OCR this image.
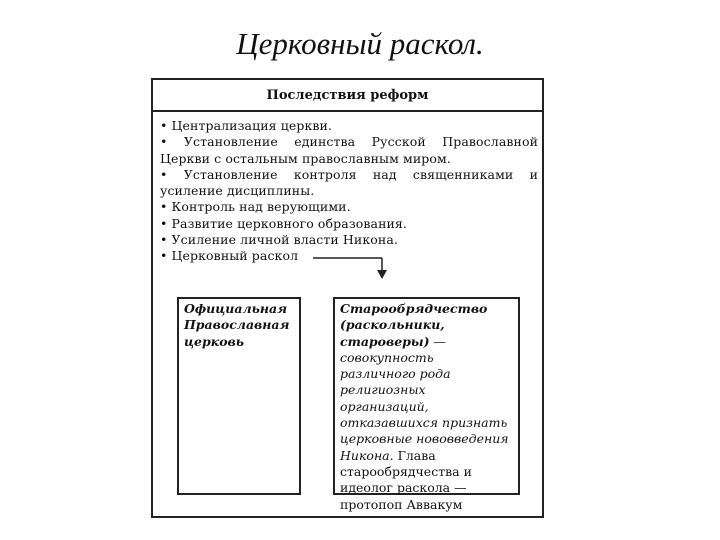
Церковный раскол.
Последствия реформ
• Централизация церкви.
• Установление единства Русской Православной Церкви с остальным православным миром.
• Установление контроля над священниками и усиление дисциплины.
• Контроль над верующими.
• Развитие церковного образования.
• Усиление личной власти Никона.
• Церковный раскол
Официальная Православная церковь
Старообрядчество (раскольники, староверы) — совокупность различного рода религиозных организаций, отказавшихся признать церковные нововведения Никона. Глава старообрядчества и идеолог раскола — протопоп Аввакум
